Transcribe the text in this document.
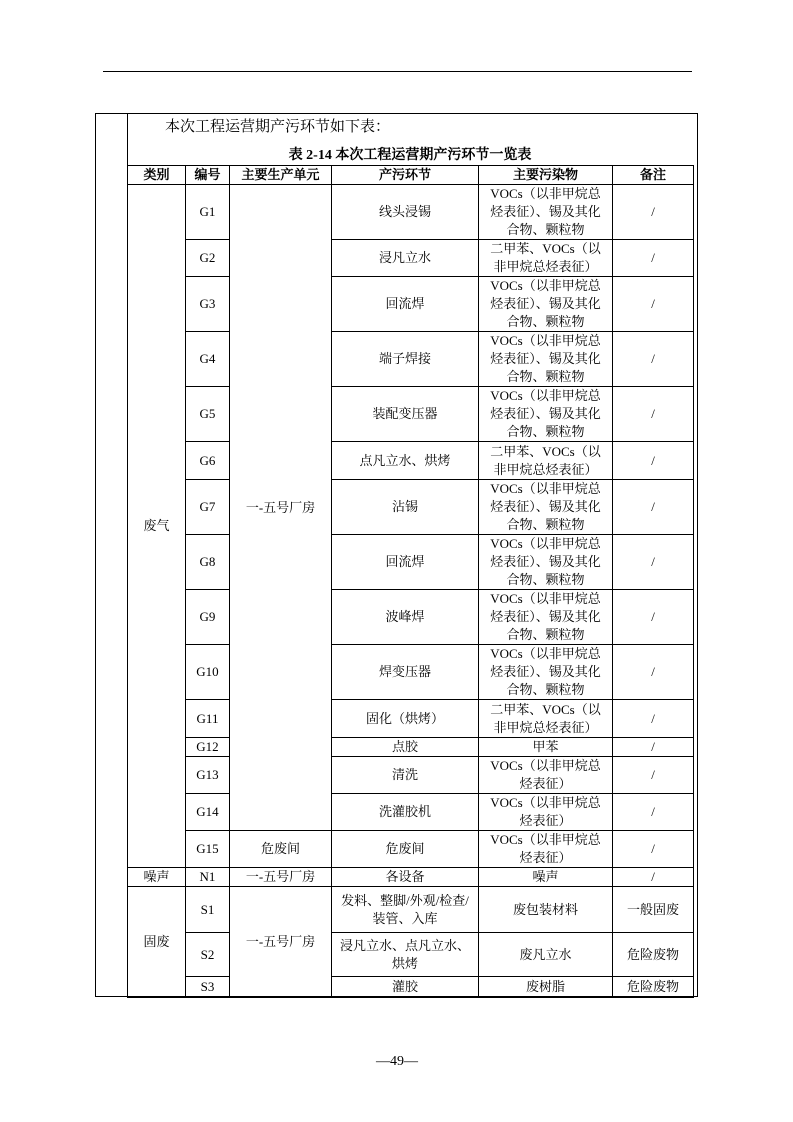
本次工程运营期产污环节如下表：
表 2-14 本次工程运营期产污环节一览表
类别	编号	主要生产单元	产污环节	主要污染物	备注
废气	G1	一-五号厂房	线头浸锡	VOCs（以非甲烷总烃表征）、锡及其化合物、颗粒物	/
	G2		浸凡立水	二甲苯、VOCs（以非甲烷总烃表征）	/
	G3		回流焊	VOCs（以非甲烷总烃表征）、锡及其化合物、颗粒物	/
	G4		端子焊接	VOCs（以非甲烷总烃表征）、锡及其化合物、颗粒物	/
	G5		装配变压器	VOCs（以非甲烷总烃表征）、锡及其化合物、颗粒物	/
	G6		点凡立水、烘烤	二甲苯、VOCs（以非甲烷总烃表征）	/
	G7		沾锡	VOCs（以非甲烷总烃表征）、锡及其化合物、颗粒物	/
	G8		回流焊	VOCs（以非甲烷总烃表征）、锡及其化合物、颗粒物	/
	G9		波峰焊	VOCs（以非甲烷总烃表征）、锡及其化合物、颗粒物	/
	G10		焊变压器	VOCs（以非甲烷总烃表征）、锡及其化合物、颗粒物	/
	G11		固化（烘烤）	二甲苯、VOCs（以非甲烷总烃表征）	/
	G12		点胶	甲苯	/
	G13		清洗	VOCs（以非甲烷总烃表征）	/
	G14		洗灌胶机	VOCs（以非甲烷总烃表征）	/
	G15	危废间	危废间	VOCs（以非甲烷总烃表征）	/
噪声	N1	一-五号厂房	各设备	噪声	/
固废	S1	一-五号厂房	发料、整脚/外观/检查/装管、入库	废包装材料	一般固废
	S2		浸凡立水、点凡立水、烘烤	废凡立水	危险废物
	S3		灌胶	废树脂	危险废物
—49—
